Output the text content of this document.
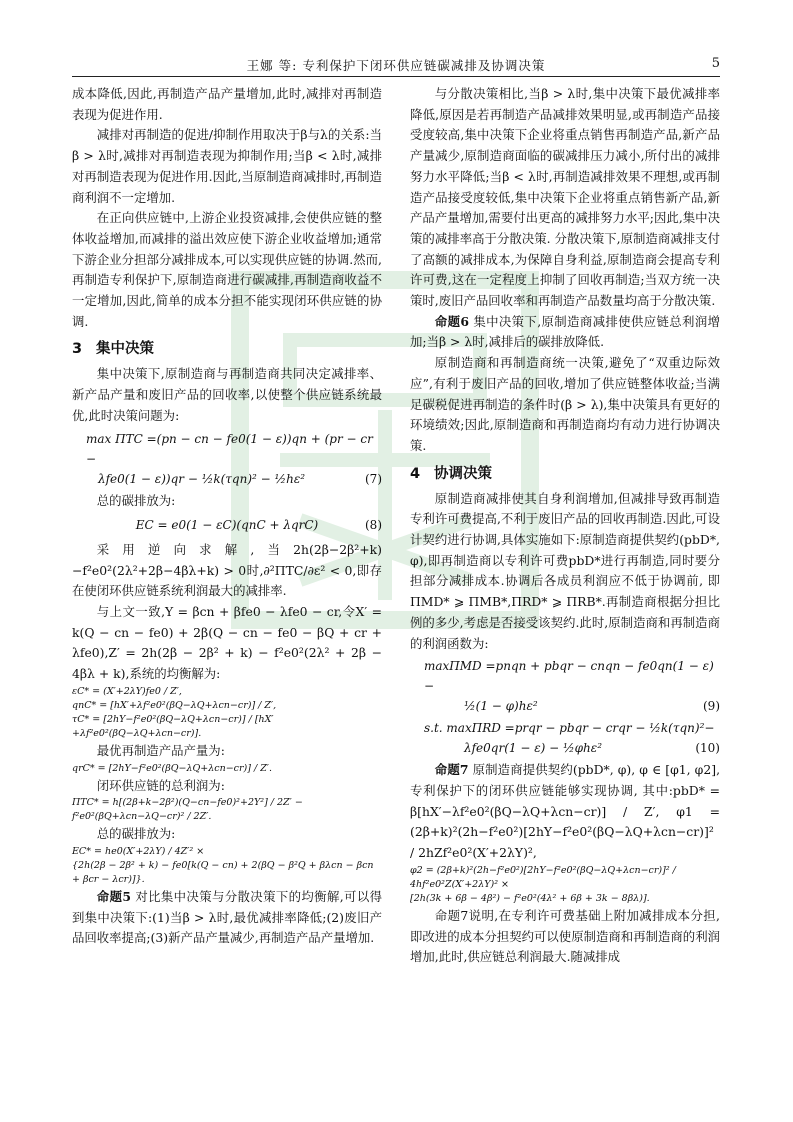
王娜 等: 专利保护下闭环供应链碳减排及协调决策	5

成本降低,因此,再制造产品产量增加,此时,减排对再制造表现为促进作用.

减排对再制造的促进/抑制作用取决于β与λ的关系:当β > λ时,减排对再制造表现为抑制作用;当β < λ时,减排对再制造表现为促进作用.因此,当原制造商减排时,再制造商利润不一定增加.

在正向供应链中,上游企业投资减排,会使供应链的整体收益增加,而减排的溢出效应使下游企业收益增加;通常下游企业分担部分减排成本,可以实现供应链的协调.然而,再制造专利保护下,原制造商进行碳减排,再制造商收益不一定增加,因此,简单的成本分担不能实现闭环供应链的协调.

3 集中决策

集中决策下,原制造商与再制造商共同决定减排率、新产品产量和废旧产品的回收率,以使整个供应链系统最优,此时决策问题为:

max ΠTC =(pn − cn − fe0(1 − ε))qn + (pr − cr −
λfe0(1 − ε))qr − ½k(τqn)² − ½hε²	(7)

总的碳排放为:

EC = e0(1 − εC)(qnC + λqrC)	(8)

采用逆向求解,当2h(2β−2β²+k)−f²e0²(2λ²+2β−4βλ+k) > 0时,∂²ΠTC/∂ε² < 0,即存在使闭环供应链系统利润最大的减排率.

与上文一致,Y = βcn + βfe0 − λfe0 − cr,令X′ = k(Q − cn − fe0) + 2β(Q − cn − fe0 − βQ + cr + λfe0),Z′ = 2h(2β − 2β² + k) − f²e0²(2λ² + 2β − 4βλ + k),系统的均衡解为:

εC* = (X′+2λY)fe0 / Z′,
qnC* = [hX′+λf²e0²(βQ−λQ+λcn−cr)] / Z′,
τC* = [2hY−f²e0²(βQ−λQ+λcn−cr)] / [hX′+λf²e0²(βQ−λQ+λcn−cr)].

最优再制造产品产量为:

qrC* = [2hY−f²e0²(βQ−λQ+λcn−cr)] / Z′.

闭环供应链的总利润为:

ΠTC* = h[(2β+k−2β²)(Q−cn−fe0)²+2Y²] / 2Z′ − f²e0²(βQ+λcn−λQ−cr)² / 2Z′.

总的碳排放为:

EC* = he0(X′+2λY) / 4Z′² ×
{2h(2β − 2β² + k) − fe0[k(Q − cn) + 2(βQ − β²Q + βλcn − βcn + βcr − λcr)]}.

命题5 对比集中决策与分散决策下的均衡解,可以得到集中决策下:(1)当β > λ时,最优减排率降低;(2)废旧产品回收率提高;(3)新产品产量减少,再制造产品产量增加.

与分散决策相比,当β > λ时,集中决策下最优减排率降低,原因是若再制造产品减排效果明显,或再制造产品接受度较高,集中决策下企业将重点销售再制造产品,新产品产量减少,原制造商面临的碳减排压力减小,所付出的减排努力水平降低;当β < λ时,再制造减排效果不理想,或再制造产品接受度较低,集中决策下企业将重点销售新产品,新产品产量增加,需要付出更高的减排努力水平;因此,集中决策的减排率高于分散决策. 分散决策下,原制造商减排支付了高额的减排成本,为保障自身利益,原制造商会提高专利许可费,这在一定程度上抑制了回收再制造;当双方统一决策时,废旧产品回收率和再制造产品数量均高于分散决策.

命题6 集中决策下,原制造商减排使供应链总利润增加;当β > λ时,减排后的碳排放降低.

原制造商和再制造商统一决策,避免了“双重边际效应”,有利于废旧产品的回收,增加了供应链整体收益;当满足碳税促进再制造的条件时(β > λ),集中决策具有更好的环境绩效;因此,原制造商和再制造商均有动力进行协调决策.

4 协调决策

原制造商减排使其自身利润增加,但减排导致再制造专利许可费提高,不利于废旧产品的回收再制造.因此,可设计契约进行协调,具体实施如下:原制造商提供契约(pbD*, φ),即再制造商以专利许可费pbD*进行再制造,同时要分担部分减排成本.协调后各成员利润应不低于协调前, 即ΠMD* ⩾ ΠMB*,ΠRD* ⩾ ΠRB*.再制造商根据分担比例的多少,考虑是否接受该契约.此时,原制造商和再制造商的利润函数为:

maxΠMD =pnqn + pbqr − cnqn − fe0qn(1 − ε)−
½(1 − φ)hε²	(9)
s.t. maxΠRD =prqr − pbqr − crqr − ½k(τqn)²−
λfe0qr(1 − ε) − ½φhε²	(10)

命题7 原制造商提供契约(pbD*, φ), φ ∈ [φ1, φ2],专利保护下的闭环供应链能够实现协调, 其中:pbD* = β[hX′−λf²e0²(βQ−λQ+λcn−cr)] / Z′, φ1 = (2β+k)²(2h−f²e0²)[2hY−f²e0²(βQ−λQ+λcn−cr)]² / 2hZf²e0²(X′+2λY)²,

φ2 = (2β+k)²(2h−f²e0²)[2hY−f²e0²(βQ−λQ+λcn−cr)]² / 4hf²e0²Z(X′+2λY)² ×
[2h(3k + 6β − 4β²) − f²e0²(4λ² + 6β + 3k − 8βλ)].

命题7说明,在专利许可费基础上附加减排成本分担,即改进的成本分担契约可以使原制造商和再制造商的利润增加,此时,供应链总利润最大.随减排成
